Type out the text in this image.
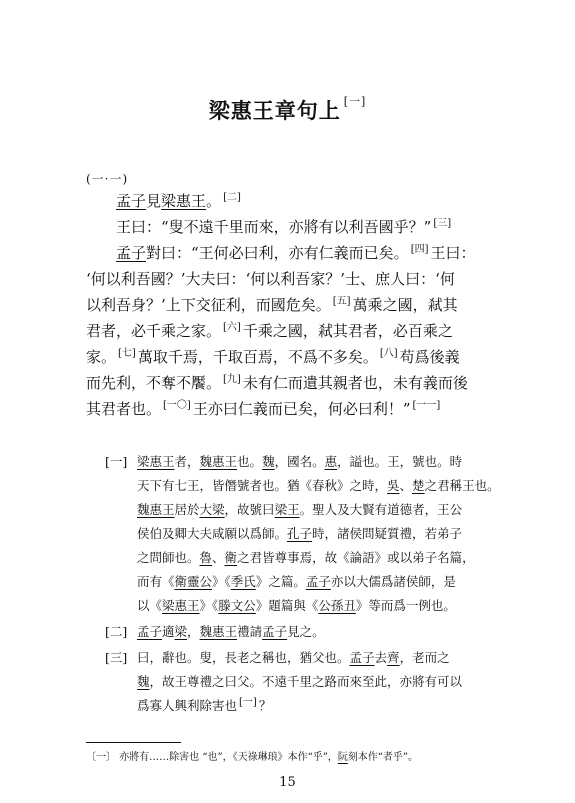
梁惠王章句上 [一]
(一·一)

孟子見梁惠王。 [二]

王曰：“叟不遠千里而來，亦將有以利吾國乎？” [三]

孟子對曰：“王何必曰利，亦有仁義而已矣。 [四] 王曰：

‘何以利吾國？’大夫曰：‘何以利吾家？’士、庶人曰：‘何

以利吾身？’上下交征利，而國危矣。 [五] 萬乘之國，弒其

君者，必千乘之家。 [六] 千乘之國，弒其君者，必百乘之

家。 [七] 萬取千焉，千取百焉，不爲不多矣。 [八] 苟爲後義

而先利，不奪不饜。 [九] 未有仁而遺其親者也，未有義而後

其君者也。 [一〇] 王亦曰仁義而已矣，何必曰利！” [一一]

[一] 梁惠王者，魏惠王也。魏，國名。惠，謚也。王，號也。時
天下有七王，皆僭號者也。猶《春秋》之時，吳、楚之君稱王也。
魏惠王居於大梁，故號曰梁王。聖人及大賢有道德者，王公
侯伯及卿大夫咸願以爲師。孔子時，諸侯問疑質禮，若弟子
之問師也。魯、衛之君皆尊事焉，故《論語》或以弟子名篇，
而有《衛靈公》《季氏》之篇。孟子亦以大儒爲諸侯師，是
以《梁惠王》《滕文公》題篇與《公孫丑》等而爲一例也。
[二] 孟子適梁，魏惠王禮請孟子見之。
[三] 曰，辭也。叟，長老之稱也，猶父也。孟子去齊，老而之
魏，故王尊禮之曰父。不遠千里之路而來至此，亦將有可以
爲寡人興利除害也 [一] ？
〔一〕 亦將有……除害也 “也”，《天祿琳琅》本作“乎”，阮刻本作“者乎”。
15
